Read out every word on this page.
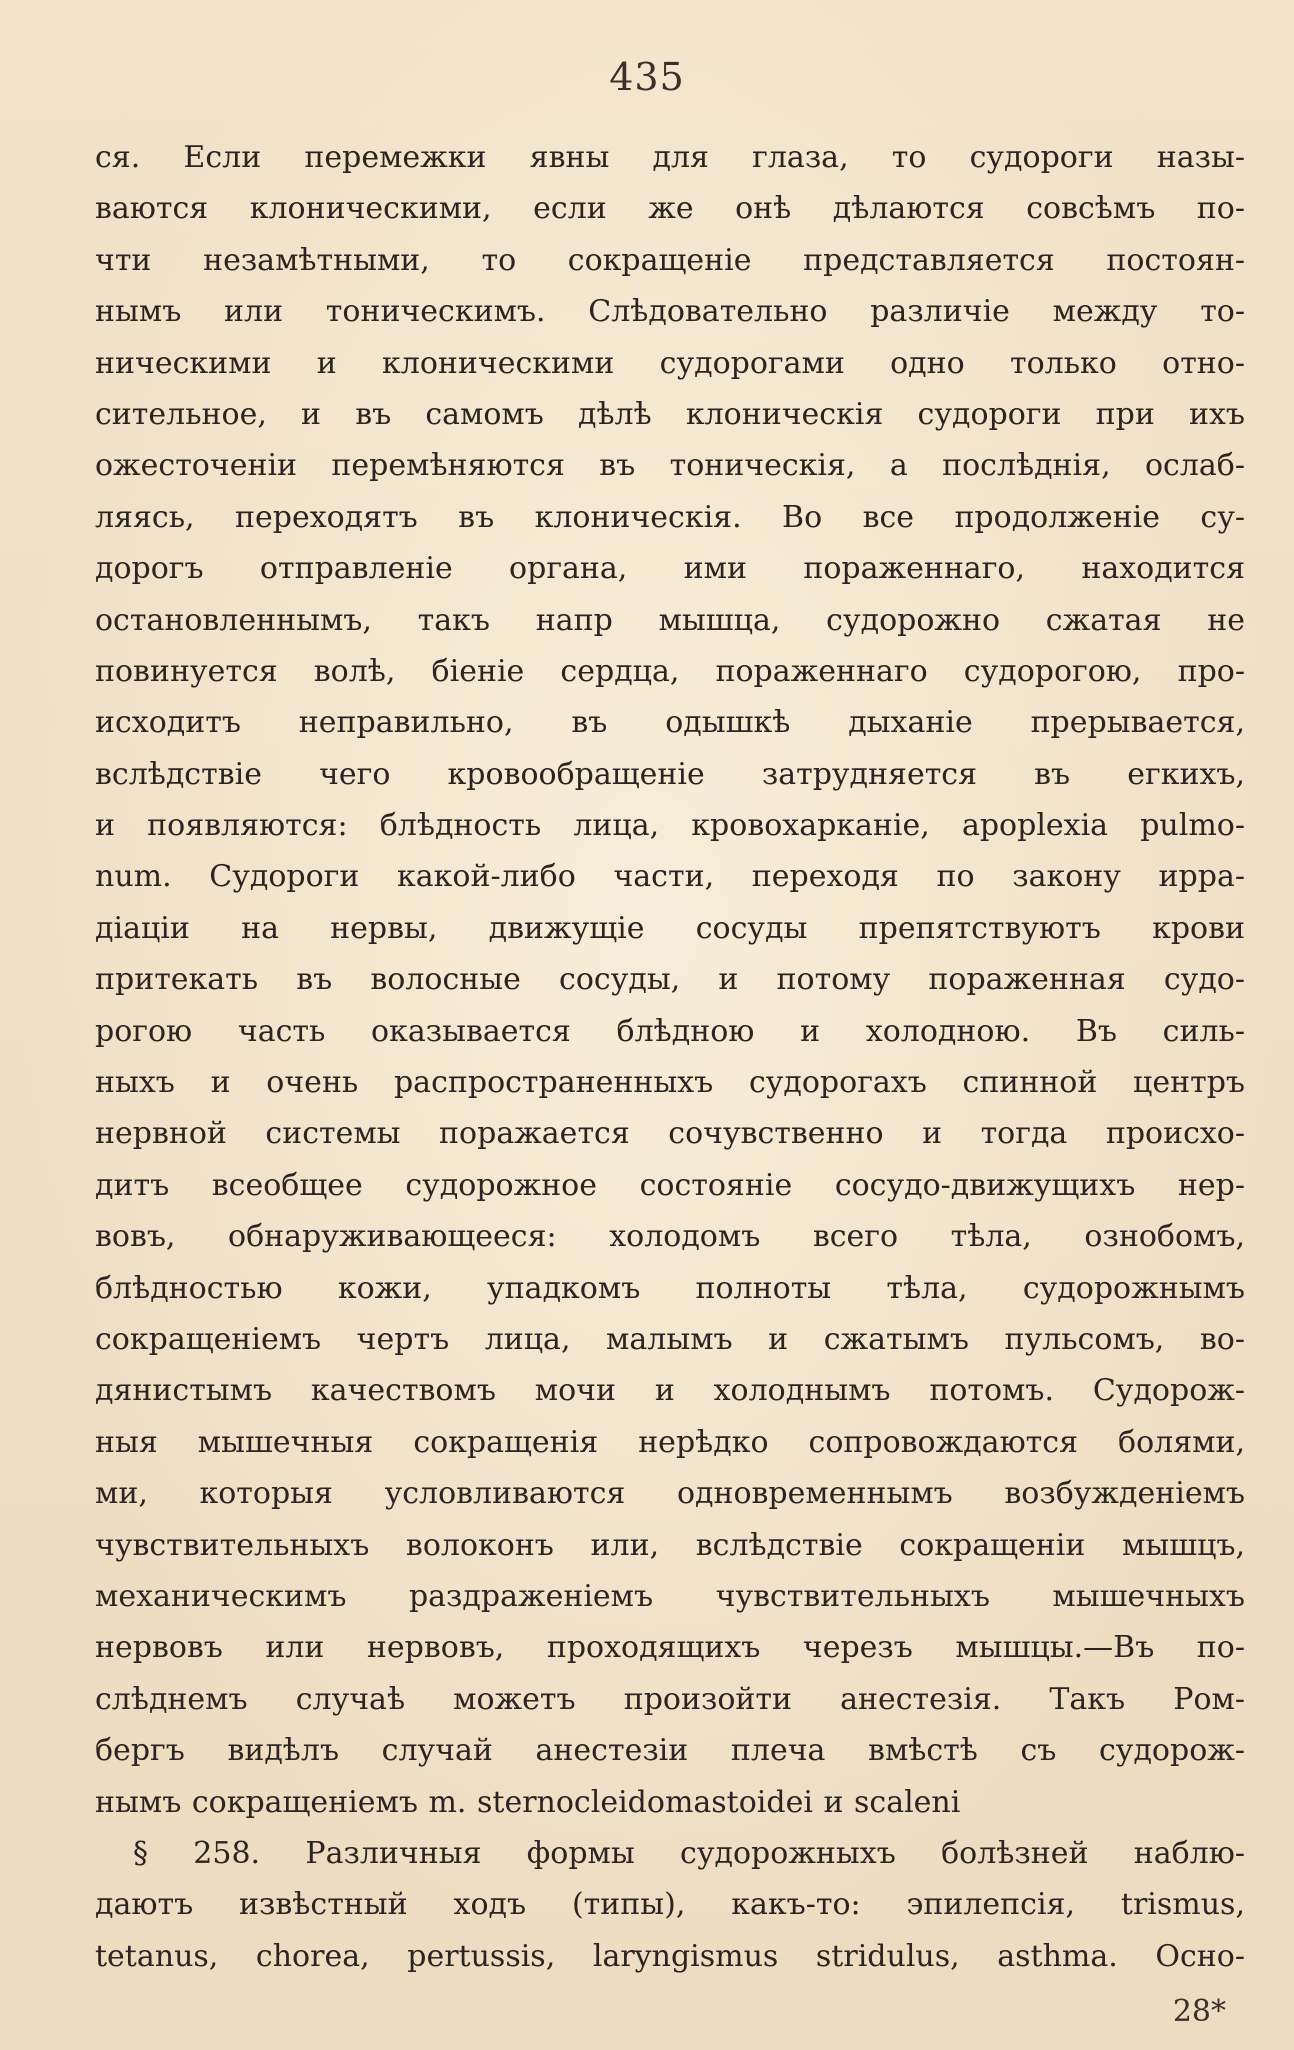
435
ся. Если перемежки явны для глаза, то судороги назы-
ваются клоническими, если же онѣ дѣлаются совсѣмъ по-
чти незамѣтными, то сокращеніе представляется постоян-
нымъ или тоническимъ. Слѣдовательно различіе между то-
ническими и клоническими судорогами одно только отно-
сительное, и въ самомъ дѣлѣ клоническія судороги при ихъ
ожесточеніи перемѣняются въ тоническія, а послѣднія, ослаб-
ляясь, переходятъ въ клоническія. Во все продолженіе су-
дорогъ отправленіе органа, ими пораженнаго, находится
остановленнымъ, такъ напр мышца, судорожно сжатая не
повинуется волѣ, біеніе сердца, пораженнаго судорогою, про-
исходитъ неправильно, въ одышкѣ дыханіе прерывается,
вслѣдствіе чего кровообращеніе затрудняется въ егкихъ,
и появляются: блѣдность лица, кровохарканіе, apoplexia pulmo-
num. Судороги какой-либо части, переходя по закону ирра-
діаціи на нервы, движущіе сосуды препятствуютъ крови
притекать въ волосные сосуды, и потому пораженная судо-
рогою часть оказывается блѣдною и холодною. Въ силь-
ныхъ и очень распространенныхъ судорогахъ спинной центръ
нервной системы поражается сочувственно и тогда происхо-
дитъ всеобщее судорожное состояніе сосудо-движущихъ нер-
вовъ, обнаруживающееся: холодомъ всего тѣла, ознобомъ,
блѣдностью кожи, упадкомъ полноты тѣла, судорожнымъ
сокращеніемъ чертъ лица, малымъ и сжатымъ пульсомъ, во-
дянистымъ качествомъ мочи и холоднымъ потомъ. Судорож-
ныя мышечныя сокращенія нерѣдко сопровождаются болями,
ми, которыя условливаются одновременнымъ возбужденіемъ
чувствительныхъ волоконъ или, вслѣдствіе сокращеніи мышцъ,
механическимъ раздраженіемъ чувствительныхъ мышечныхъ
нервовъ или нервовъ, проходящихъ черезъ мышцы.—Въ по-
слѣднемъ случаѣ можетъ произойти анестезія. Такъ Ром-
бергъ видѣлъ случай анестезіи плеча вмѣстѣ съ судорож-
нымъ сокращеніемъ m. sternocleidomastoidei и scaleni
§ 258. Различныя формы судорожныхъ болѣзней наблю-
даютъ извѣстный ходъ (типы), какъ-то: эпилепсія, trismus,
tetanus, chorea, pertussis, laryngismus stridulus, asthma. Осно-
28*
